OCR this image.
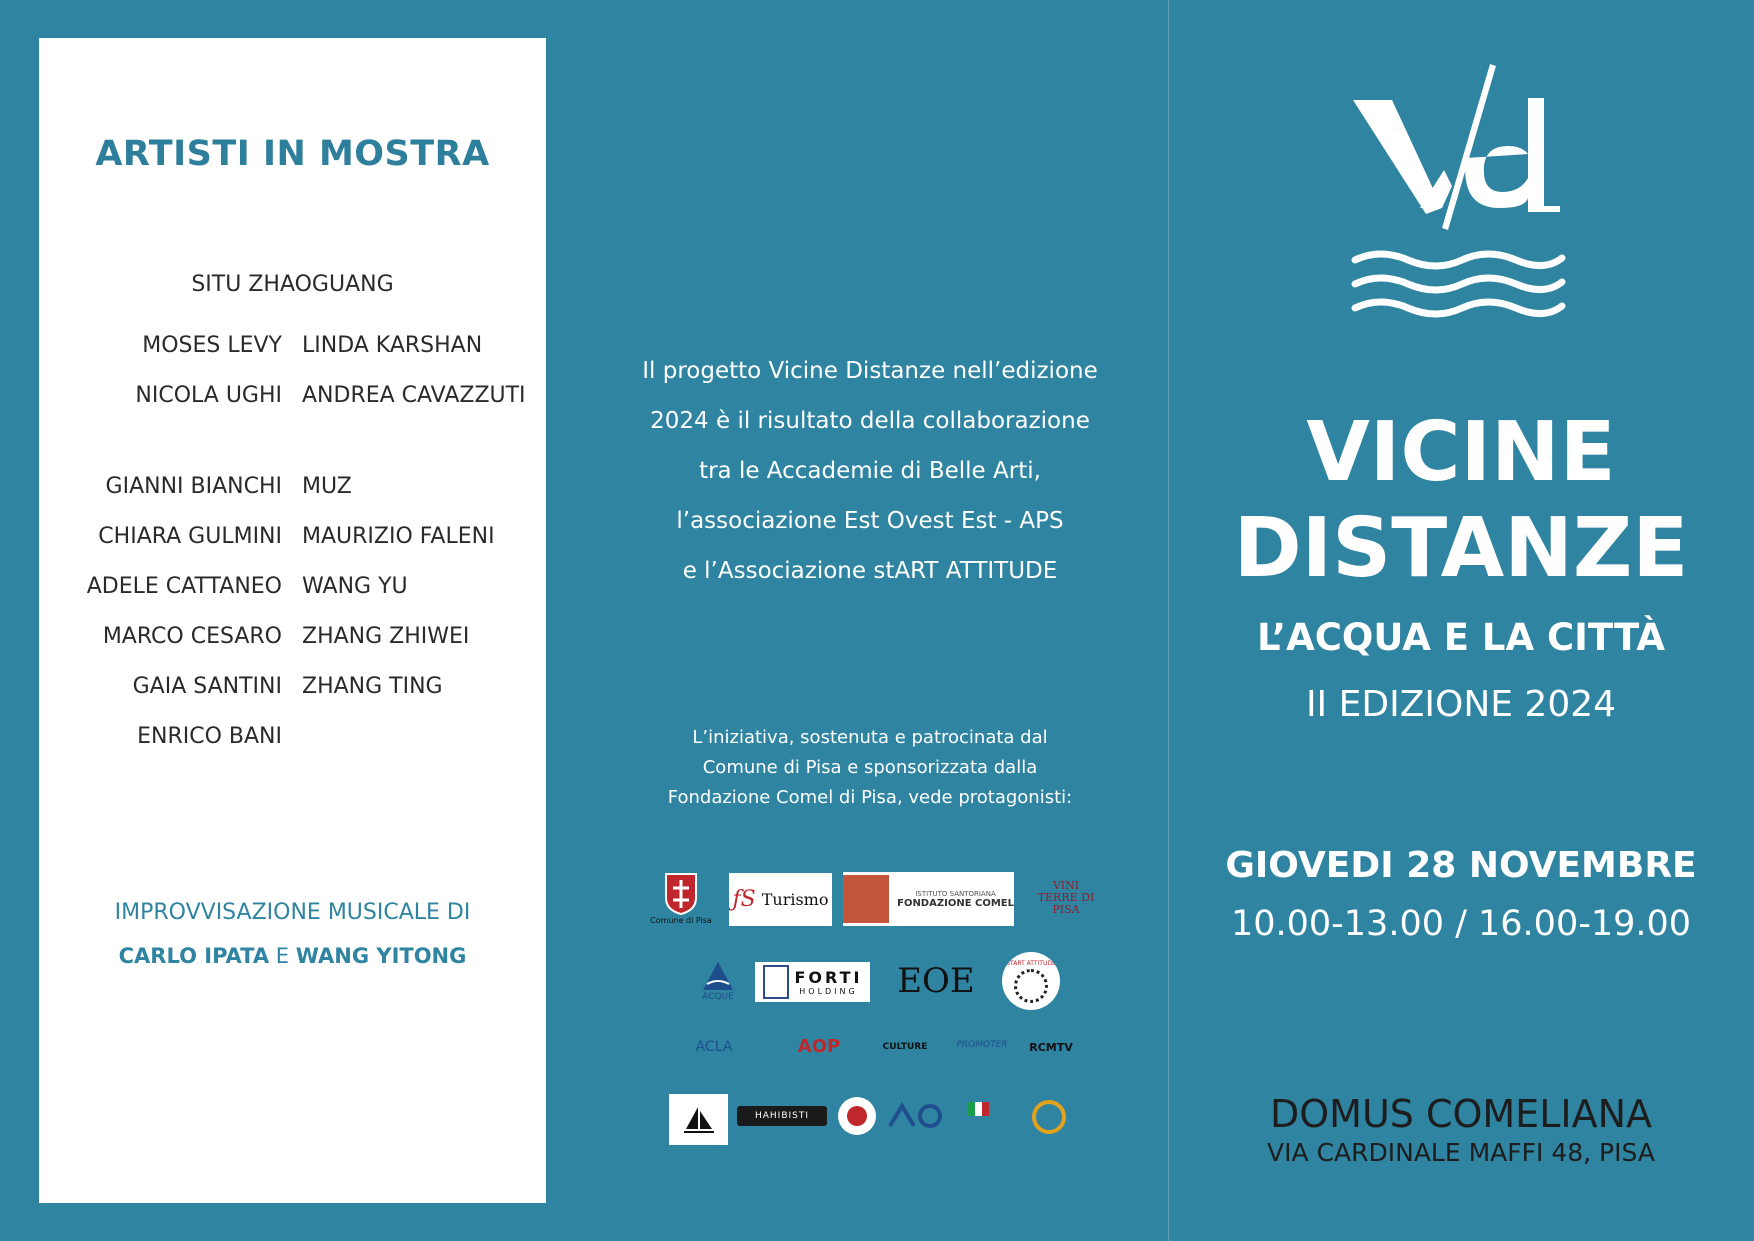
ARTISTI IN MOSTRA
SITU ZHAOGUANG
MOSES LEVY LINDA KARSHAN
NICOLA UGHI ANDREA CAVAZZUTI
GIANNI BIANCHI MUZ
CHIARA GULMINI MAURIZIO FALENI
ADELE CATTANEO WANG YU
MARCO CESARO ZHANG ZHIWEI
GAIA SANTINI ZHANG TING
ENRICO BANI
IMPROVVISAZIONE MUSICALE DI
CARLO IPATA E WANG YITONG
Il progetto Vicine Distanze nell’edizione
2024 è il risultato della collaborazione
tra le Accademie di Belle Arti,
l’associazione Est Ovest Est - APS
e l’Associazione stART ATTITUDE
L’iniziativa, sostenuta e patrocinata dal
Comune di Pisa e sponsorizzata dalla
Fondazione Comel di Pisa, vede protagonisti:
Comune di Pisa
ƒS Turismo	ISTITUTO SANTORIANA
FONDAZIONE COMEL
VINI TERRE DI PISA
ACQUE
FORTI
HOLDING EOE	START ATTITUDE
ACLA	AOP	CULTURE	PROMOTER RCMTV
HAHIBISTI
VICINE
DISTANZE
L’ACQUA E LA CITTÀ
II EDIZIONE 2024
GIOVEDI 28 NOVEMBRE
10.00-13.00 / 16.00-19.00
DOMUS COMELIANA
VIA CARDINALE MAFFI 48, PISA
